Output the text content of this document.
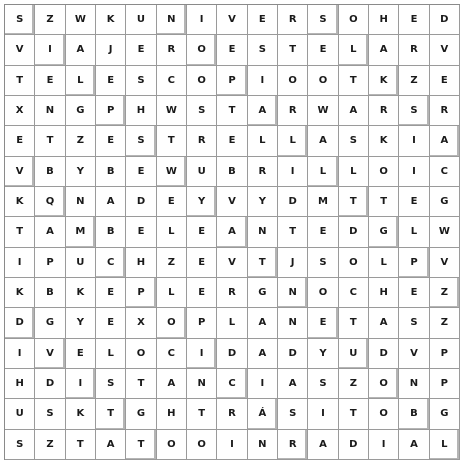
S	Z	W	K	U	N	I	V	E	R	S	O	H	E	D
V	I	A	J	E	R	O	E	S	T	E	L	A	R	V
T	E	L	E	S	C	O	P	I	O	O	T	K	Z	E
X	N	G	P	H	W	S	T	A	R	W	A	R	S	R
E	T	Z	E	S	T	R	E	L	L	A	S	K	I	A
V	B	Y	B	E	W	U	B	R	I	L	L	O	I	C
K	Q	N	A	D	E	Y	V	Y	D	M	T	T	E	G
T	A	M	B	E	L	E	A	N	T	E	D	G	L	W
I	P	U	C	H	Z	E	V	T	J	S	O	L	P	V
K	B	K	E	P	L	E	R	G	N	O	C	H	E	Z
D	G	Y	E	X	O	P	L	A	N	E	T	A	S	Z
I	V	E	L	O	C	I	D	A	D	Y	U	D	V	P
H	D	I	S	T	A	N	C	I	A	S	Z	O	N	P
U	S	K	T	G	H	T	R	Á	S	I	T	O	B	G
S	Z	T	A	T	O	O	I	N	R	A	D	I	A	L
